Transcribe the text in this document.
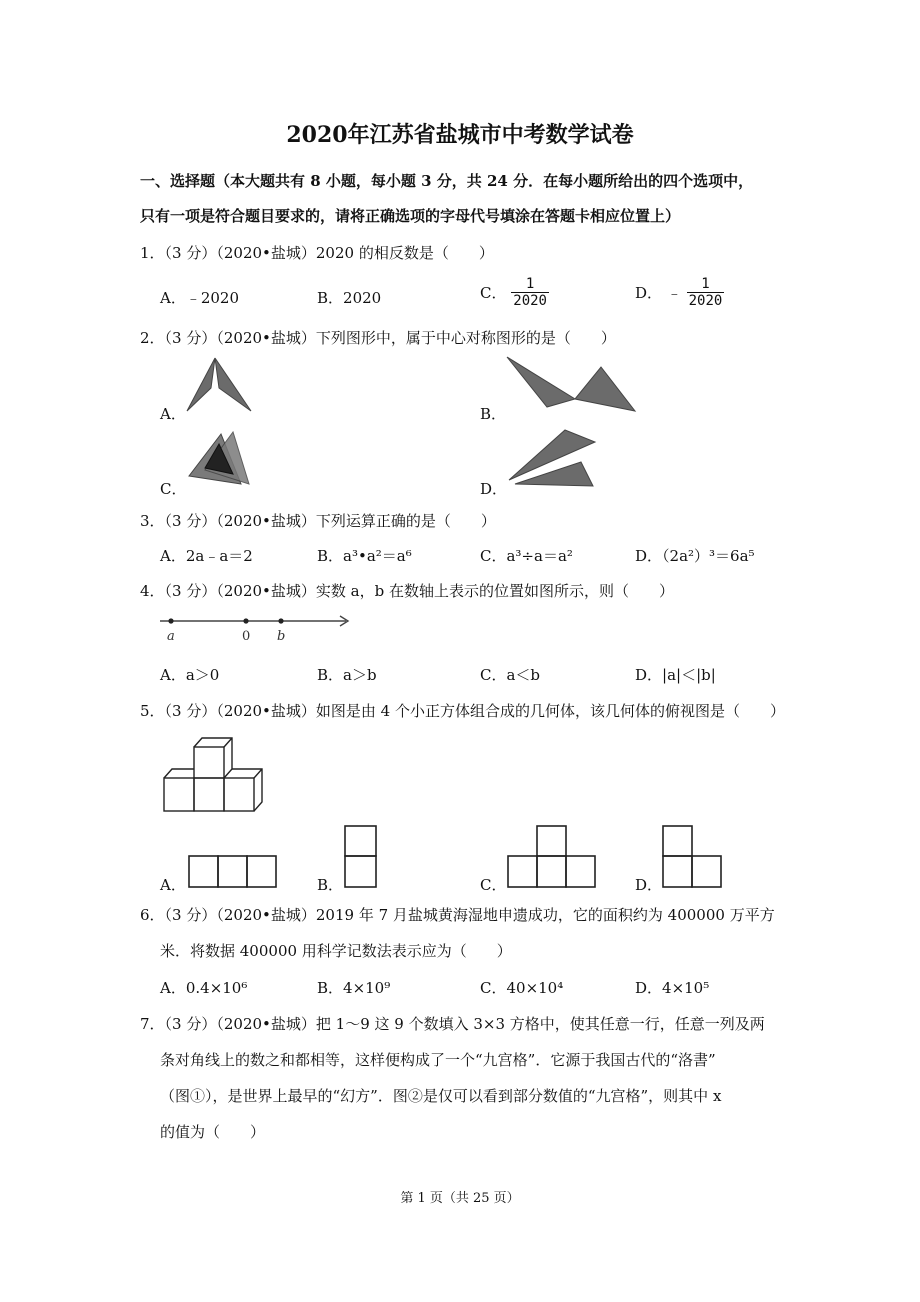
2020年江苏省盐城市中考数学试卷
一、选择题（本大题共有 8 小题，每小题 3 分，共 24 分．在每小题所给出的四个选项中，
只有一项是符合题目要求的，请将正确选项的字母代号填涂在答题卡相应位置上）
1．（3 分）（2020•盐城）2020 的相反数是（　　）
A．﹣2020	B．2020	C． $\frac{1}{2020}$	D． ﹣ $\frac{1}{2020}$
2．（3 分）（2020•盐城）下列图形中，属于中心对称图形的是（　　）
A．	B．
C．	D．
3．（3 分）（2020•盐城）下列运算正确的是（　　）
A．2a﹣a＝2	B．a³•a²＝a⁶	C．a³÷a＝a²	D．（2a²）³＝6a⁵
4．（3 分）（2020•盐城）实数 a，b 在数轴上表示的位置如图所示，则（　　）
a	0 b
A．a＞0	B．a＞b	C．a＜b	D．|a|＜|b|
5．（3 分）（2020•盐城）如图是由 4 个小正方体组合成的几何体，该几何体的俯视图是（　　）
A．	B．	C．	D．
6．（3 分）（2020•盐城）2019 年 7 月盐城黄海湿地申遗成功，它的面积约为 400000 万平方
米．将数据 400000 用科学记数法表示应为（　　）
A．0.4×10⁶	B．4×10⁹	C．40×10⁴	D．4×10⁵
7．（3 分）（2020•盐城）把 1～9 这 9 个数填入 3×3 方格中，使其任意一行，任意一列及两
条对角线上的数之和都相等，这样便构成了一个“九宫格”．它源于我国古代的“洛書”
（图①），是世界上最早的“幻方”．图②是仅可以看到部分数值的“九宫格”，则其中 x
的值为（　　）
第 1 页（共 25 页）
